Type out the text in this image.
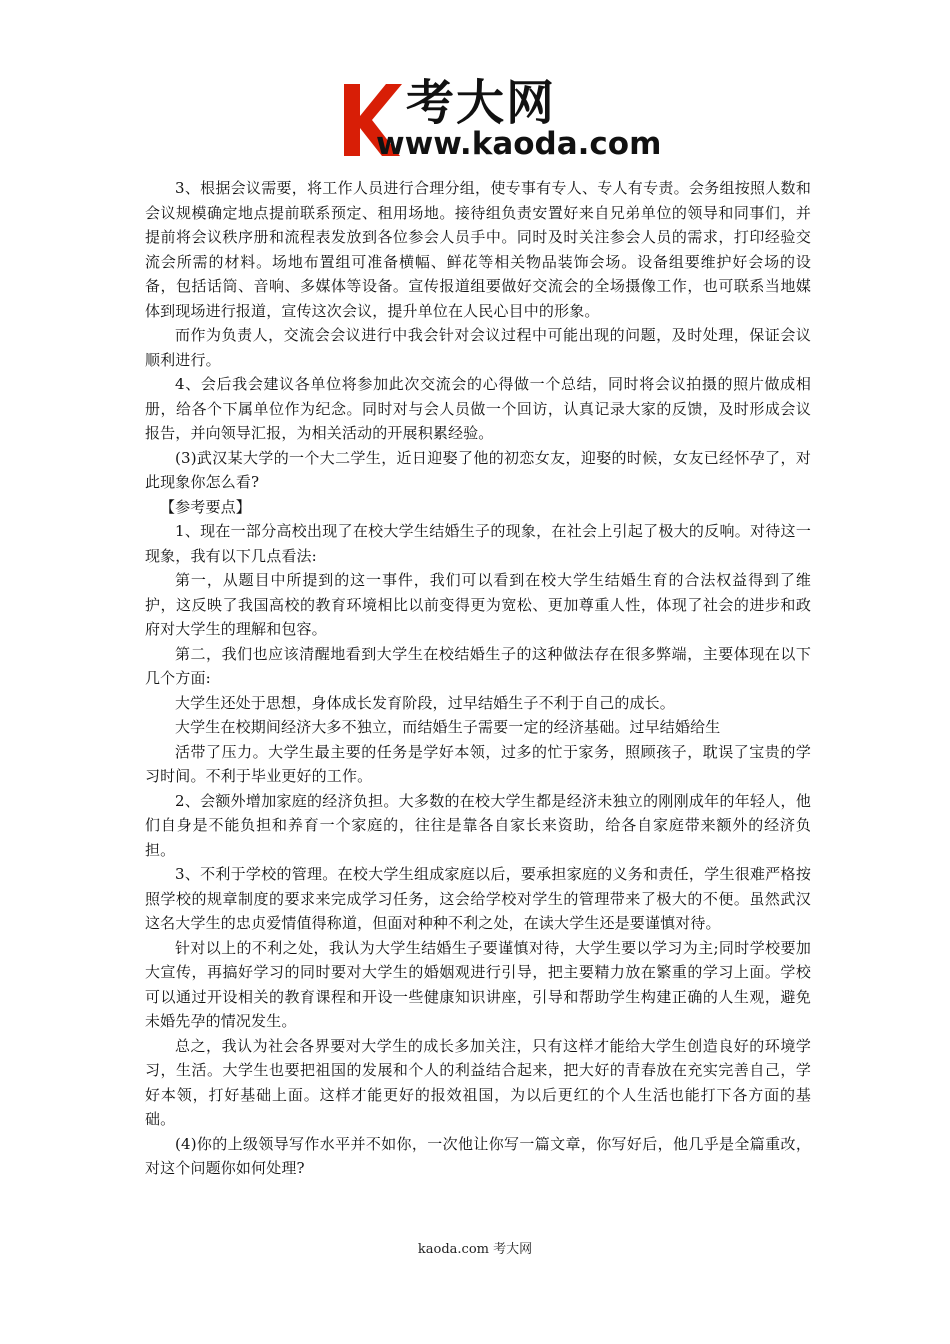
考大网
www.kaoda.com

3、根据会议需要，将工作人员进行合理分组，使专事有专人、专人有专责。会务组按照人数和会议规模确定地点提前联系预定、租用场地。接待组负责安置好来自兄弟单位的领导和同事们，并提前将会议秩序册和流程表发放到各位参会人员手中。同时及时关注参会人员的需求，打印经验交流会所需的材料。场地布置组可准备横幅、鲜花等相关物品装饰会场。设备组要维护好会场的设备，包括话筒、音响、多媒体等设备。宣传报道组要做好交流会的全场摄像工作，也可联系当地媒体到现场进行报道，宣传这次会议，提升单位在人民心目中的形象。

而作为负责人，交流会会议进行中我会针对会议过程中可能出现的问题，及时处理，保证会议顺利进行。

4、会后我会建议各单位将参加此次交流会的心得做一个总结，同时将会议拍摄的照片做成相册，给各个下属单位作为纪念。同时对与会人员做一个回访，认真记录大家的反馈，及时形成会议报告，并向领导汇报，为相关活动的开展积累经验。

(3)武汉某大学的一个大二学生，近日迎娶了他的初恋女友，迎娶的时候，女友已经怀孕了，对此现象你怎么看?

【参考要点】

1、现在一部分高校出现了在校大学生结婚生子的现象，在社会上引起了极大的反响。对待这一现象，我有以下几点看法:

第一，从题目中所提到的这一事件，我们可以看到在校大学生结婚生育的合法权益得到了维护，这反映了我国高校的教育环境相比以前变得更为宽松、更加尊重人性，体现了社会的进步和政府对大学生的理解和包容。

第二，我们也应该清醒地看到大学生在校结婚生子的这种做法存在很多弊端，主要体现在以下几个方面:

大学生还处于思想，身体成长发育阶段，过早结婚生子不利于自己的成长。

大学生在校期间经济大多不独立，而结婚生子需要一定的经济基础。过早结婚给生

活带了压力。大学生最主要的任务是学好本领，过多的忙于家务，照顾孩子，耽误了宝贵的学习时间。不利于毕业更好的工作。

2、会额外增加家庭的经济负担。大多数的在校大学生都是经济未独立的刚刚成年的年轻人，他们自身是不能负担和养育一个家庭的，往往是靠各自家长来资助，给各自家庭带来额外的经济负担。

3、不利于学校的管理。在校大学生组成家庭以后，要承担家庭的义务和责任，学生很难严格按照学校的规章制度的要求来完成学习任务，这会给学校对学生的管理带来了极大的不便。虽然武汉这名大学生的忠贞爱情值得称道，但面对种种不利之处，在读大学生还是要谨慎对待。

针对以上的不利之处，我认为大学生结婚生子要谨慎对待，大学生要以学习为主;同时学校要加大宣传，再搞好学习的同时要对大学生的婚姻观进行引导，把主要精力放在繁重的学习上面。学校可以通过开设相关的教育课程和开设一些健康知识讲座，引导和帮助学生构建正确的人生观，避免未婚先孕的情况发生。

总之，我认为社会各界要对大学生的成长多加关注，只有这样才能给大学生创造良好的环境学习，生活。大学生也要把祖国的发展和个人的利益结合起来，把大好的青春放在充实完善自己，学好本领，打好基础上面。这样才能更好的报效祖国，为以后更红的个人生活也能打下各方面的基础。

(4)你的上级领导写作水平并不如你，一次他让你写一篇文章，你写好后，他几乎是全篇重改，对这个问题你如何处理?

kaoda.com 考大网
